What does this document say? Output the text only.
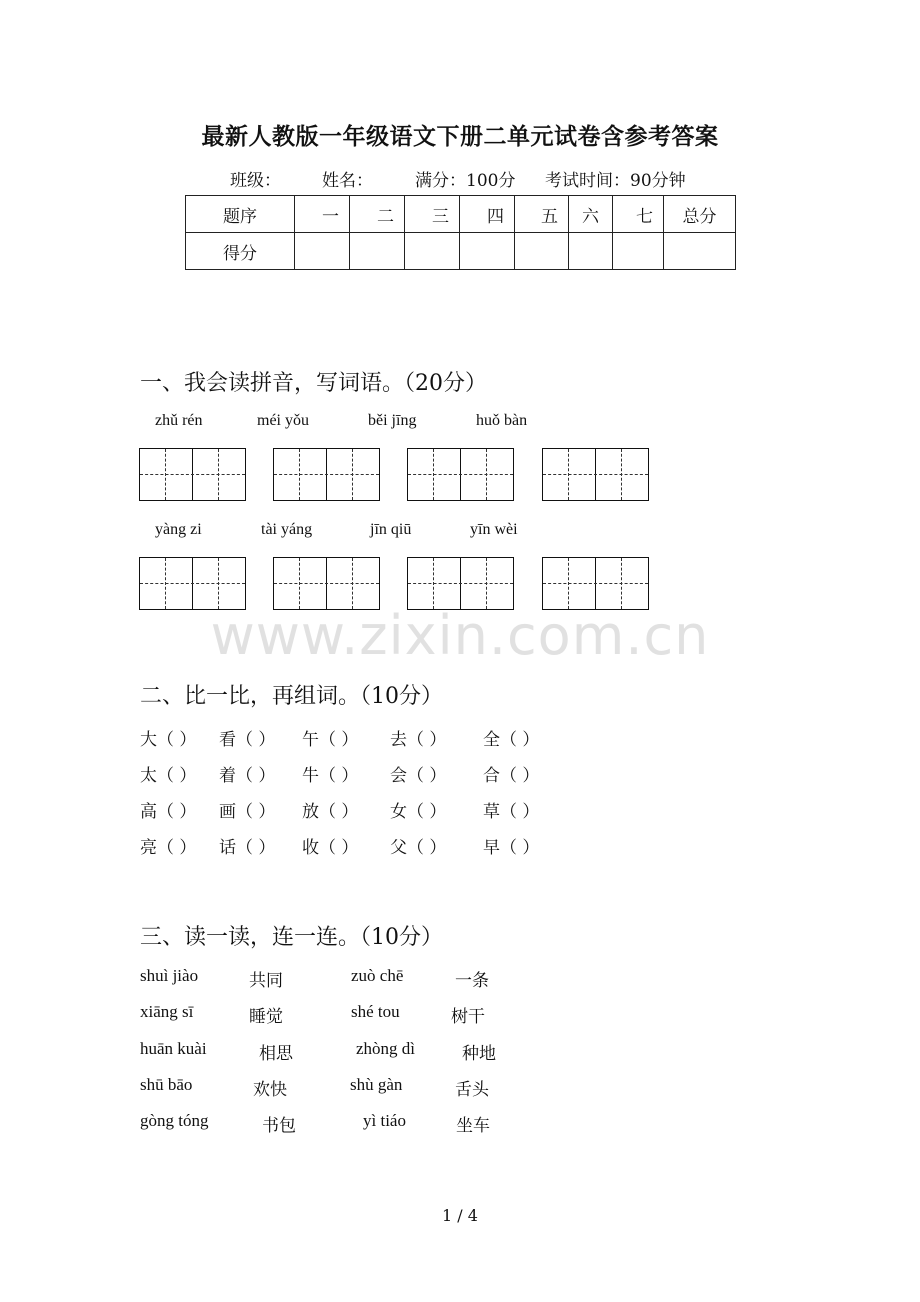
最新人教版一年级语文下册二单元试卷含参考答案
班级： 姓名： 满分：100分 考试时间：90分钟
题序	一	二	三	四	五	六	七	总分
得分								
一、我会读拼音，写词语。（20分）
zhǔ rén	méi yǒu	běi jīng	huǒ bàn
yàng zi	tài yáng	jīn qiū	yīn wèi
www.zixin.com.cn
二、比一比，再组词。（10分）
大（ ） 看（ ） 午（ ） 去（ ） 全（ ）
太（ ） 着（ ） 牛（ ） 会（ ） 合（ ）
高（ ） 画（ ） 放（ ） 女（ ） 草（ ）
亮（ ） 话（ ） 收（ ） 父（ ） 早（ ）
三、读一读，连一连。（10分）
shuì jiào	共同	zuò chē	一条
xiāng sī	睡觉	shé tou	树干
huān kuài	相思	zhòng dì	种地
shū bāo	欢快	shù gàn	舌头
gòng tóng	书包	yì tiáo	坐车
1 / 4
